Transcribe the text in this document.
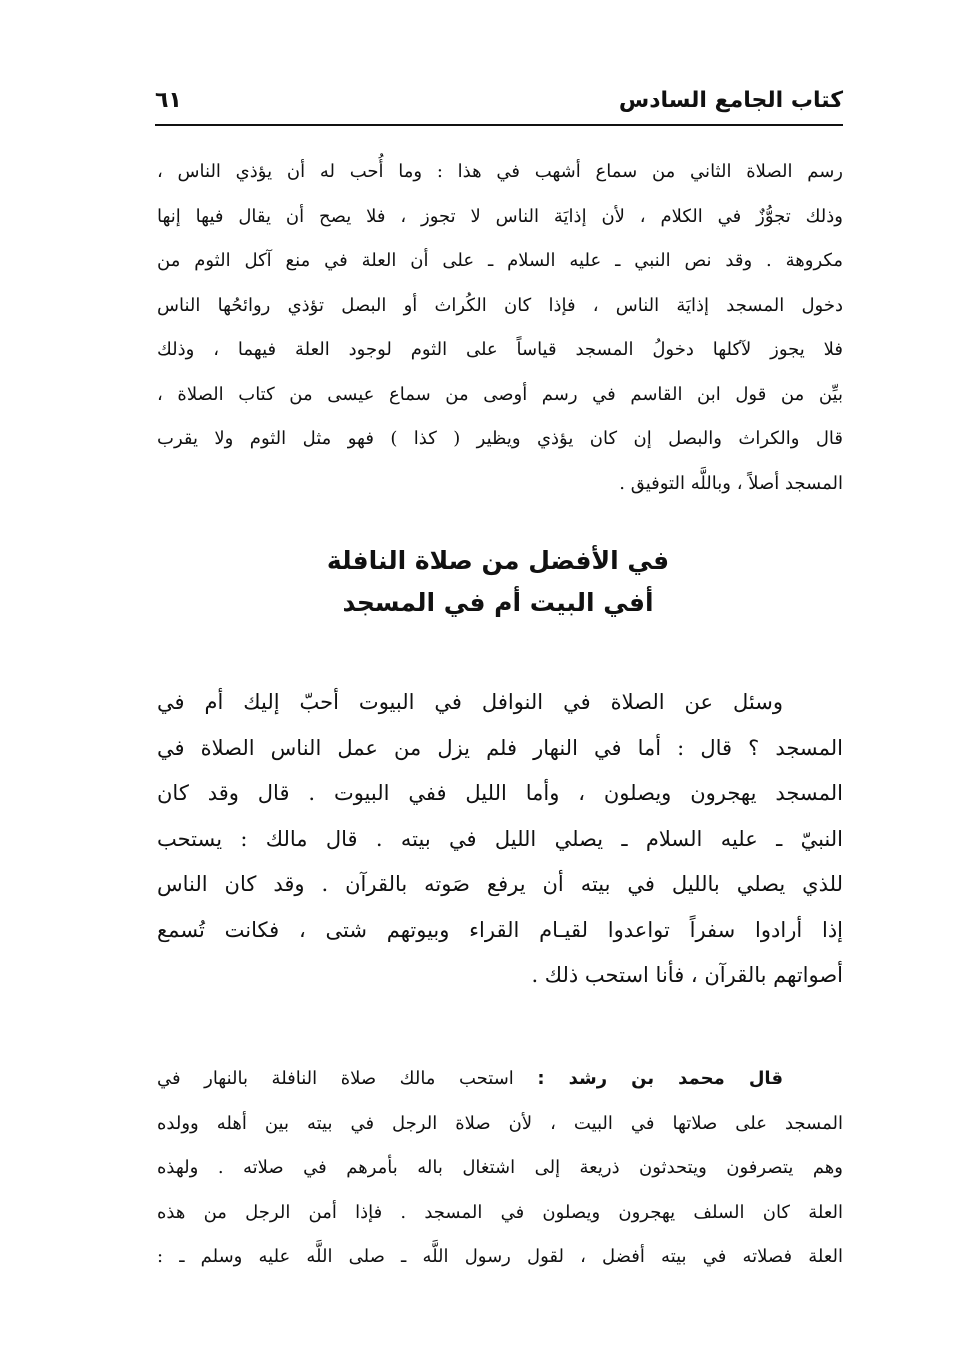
كتاب الجامع السادس
٦١
رسم الصلاة الثاني من سماع أشهب في هذا : وما أُحب له أن يؤذي الناس ،
وذلك تجوُّزٌ في الكلام ، لأن إذايَة الناس لا تجوز ، فلا يصح أن يقال فيها إنها
مكروهة . وقد نص النبي ـ عليه السلام ـ على أن العلة في منع آكل الثوم من
دخول المسجد إذايَة الناس ، فإذا كان الكُراث أو البصل تؤذي روائحُها الناس
فلا يجوز لآكلها دخولُ المسجد قياساً على الثوم لوجود العلة فيهما ، وذلك
بيِّن من قول ابن القاسم في رسم أوصى من سماع عيسى من كتاب الصلاة ،
قال والكراث والبصل إن كان يؤذي ويظير ( كذا ) فهو مثل الثوم ولا يقرب
المسجد أصلاً ، وباللَّه التوفيق .
في الأفضل من صلاة النافلة
أفي البيت أم في المسجد
وسئل عن الصلاة في النوافل في البيوت أحبّ إليك أم في
المسجد ؟ قال : أما في النهار فلم يزل من عمل الناس الصلاة في
المسجد يهجرون ويصلون ، وأما الليل ففي البيوت . قال وقد كان
النبيّ ـ عليه السلام ـ يصلي الليل في بيته . قال مالك : يستحب
للذي يصلي بالليل في بيته أن يرفع صَوته بالقرآن . وقد كان الناس
إذا أرادوا سفراً تواعدوا لقيـام القراء وبيوتهم شتى ، فكانت تُسمع
أصواتهم بالقرآن ، فأنا استحب ذلك .
قال محمد بن رشد : استحب مالك صلاة النافلة بالنهار في
المسجد على صلاتها في البيت ، لأن صلاة الرجل في بيته بين أهله وولده
وهم يتصرفون ويتحدثون ذريعة إلى اشتغال باله بأمرهم في صلاته . ولهذه
العلة كان السلف يهجرون ويصلون في المسجد . فإذا أمن الرجل من هذه
العلة فصلاته في بيته أفضل ، لقول رسول اللَّه ـ صلى اللَّه عليه وسلم ـ :
